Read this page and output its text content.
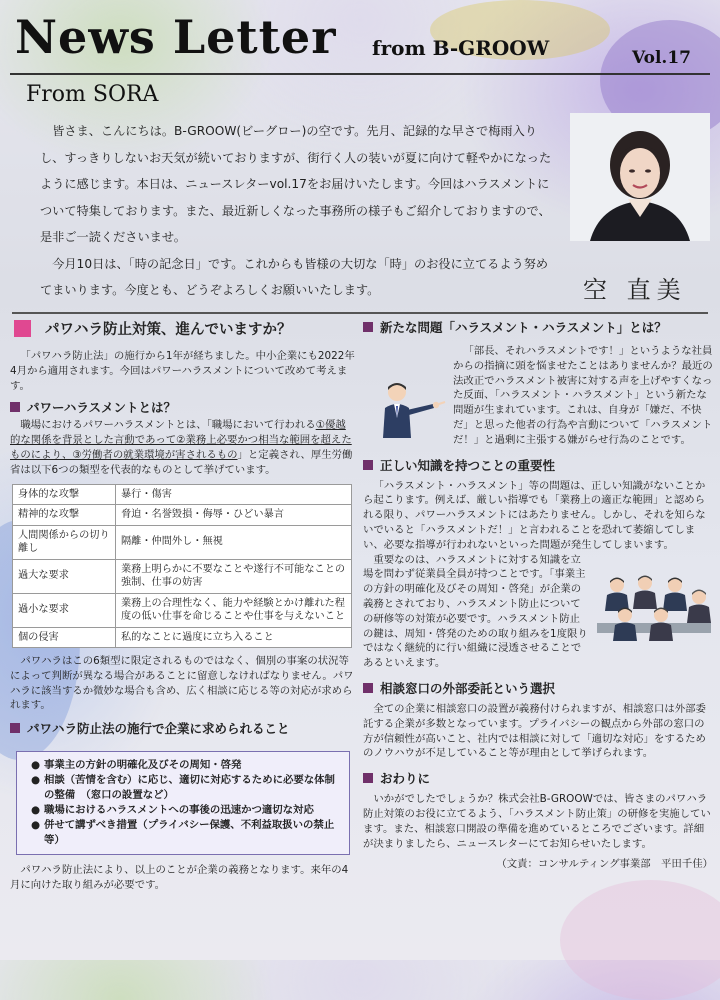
News Letter from B-GROOW	Vol.17
From SORA

皆さま、こんにちは。B-GROOW(ビーグロー)の空です。先月、記録的な早さで梅雨入りし、すっきりしないお天気が続いておりますが、街行く人の装いが夏に向けて軽やかになったように感じます。本日は、ニュースレターvol.17をお届けいたします。今回はハラスメントについて特集しております。また、最近新しくなった事務所の様子もご紹介しておりますので、是非ご一読くださいませ。

今月10日は、「時の記念日」です。これからも皆様の大切な「時」のお役に立てるよう努めてまいります。今度とも、どうぞよろしくお願いいたします。	空 直美
パワハラ防止対策、進んでいますか？

「パワハラ防止法」の施行から1年が経ちました。中小企業にも2022年4月から適用されます。今回はパワーハラスメントについて改めて考えます。

パワーハラスメントとは？

職場におけるパワーハラスメントとは、「職場において行われる①優越的な関係を背景とした言動であって②業務上必要かつ相当な範囲を超えたものにより、③労働者の就業環境が害されるもの」と定義され、厚生労働省は以下6つの類型を代表的なものとして挙げています。

身体的な攻撃	暴行・傷害
精神的な攻撃	脅迫・名誉毀損・侮辱・ひどい暴言
人間関係からの切り離し	隔離・仲間外し・無視
過大な要求	業務上明らかに不要なことや遂行不可能なことの強制、仕事の妨害
過小な要求	業務上の合理性なく、能力や経験とかけ離れた程度の低い仕事を命じることや仕事を与えないこと
個の侵害	私的なことに過度に立ち入ること

パワハラはこの6類型に限定されるものではなく、個別の事案の状況等によって判断が異なる場合があることに留意しなければなりません。パワハラに該当するか微妙な場合も含め、広く相談に応じる等の対応が求められます。

パワハラ防止法の施行で企業に求められること
● 事業主の方針の明確化及びその周知・啓発
● 相談（苦情を含む）に応じ、適切に対応するために必要な体制の整備　（窓口の設置など）
● 職場におけるハラスメントへの事後の迅速かつ適切な対応
● 併せて講ずべき措置（プライバシー保護、不利益取扱いの禁止等）

パワハラ防止法により、以上のことが企業の義務となります。来年の4月に向けた取り組みが必要です。

新たな問題「ハラスメント・ハラスメント」とは？

「部長、それハラスメントです！」というような社員からの指摘に頭を悩ませたことはありませんか？最近の法改正でハラスメント被害に対する声を上げやすくなった反面、「ハラスメント・ハラスメント」という新たな問題が生まれています。これは、自身が「嫌だ、不快だ」と思った他者の行為や言動について「ハラスメントだ！」と過剰に主張する嫌がらせ行為のことです。

正しい知識を持つことの重要性

「ハラスメント・ハラスメント」等の問題は、正しい知識がないことから起こります。例えば、厳しい指導でも「業務上の適正な範囲」と認められる限り、パワーハラスメントにはあたりません。しかし、それを知らないでいると「ハラスメントだ！」と言われることを恐れて萎縮してしまい、必要な指導が行われないといった問題が発生してしまいます。

重要なのは、ハラスメントに対する知識を立場を問わず従業員全員が持つことです。「事業主の方針の明確化及びその周知・啓発」が企業の義務とされており、ハラスメント防止についての研修等の対策が必要です。ハラスメント防止の鍵は、周知・啓発のための取り組みを1度限りではなく継続的に行い組織に浸透させることであるといえます。

相談窓口の外部委託という選択

全ての企業に相談窓口の設置が義務付けられますが、相談窓口は外部委託する企業が多数となっています。プライバシーの観点から外部の窓口の方が信頼性が高いこと、社内では相談に対して「適切な対応」をするためのノウハウが不足していること等が理由として挙げられます。

おわりに

いかがでしたでしょうか？株式会社B-GROOWでは、皆さまのパワハラ防止対策のお役に立てるよう、「ハラスメント防止策」の研修を実施しています。また、相談窓口開設の準備を進めているところでございます。詳細が決まりましたら、ニュースレターにてお知らせいたします。

（文責：コンサルティング事業部　平田千佳）
